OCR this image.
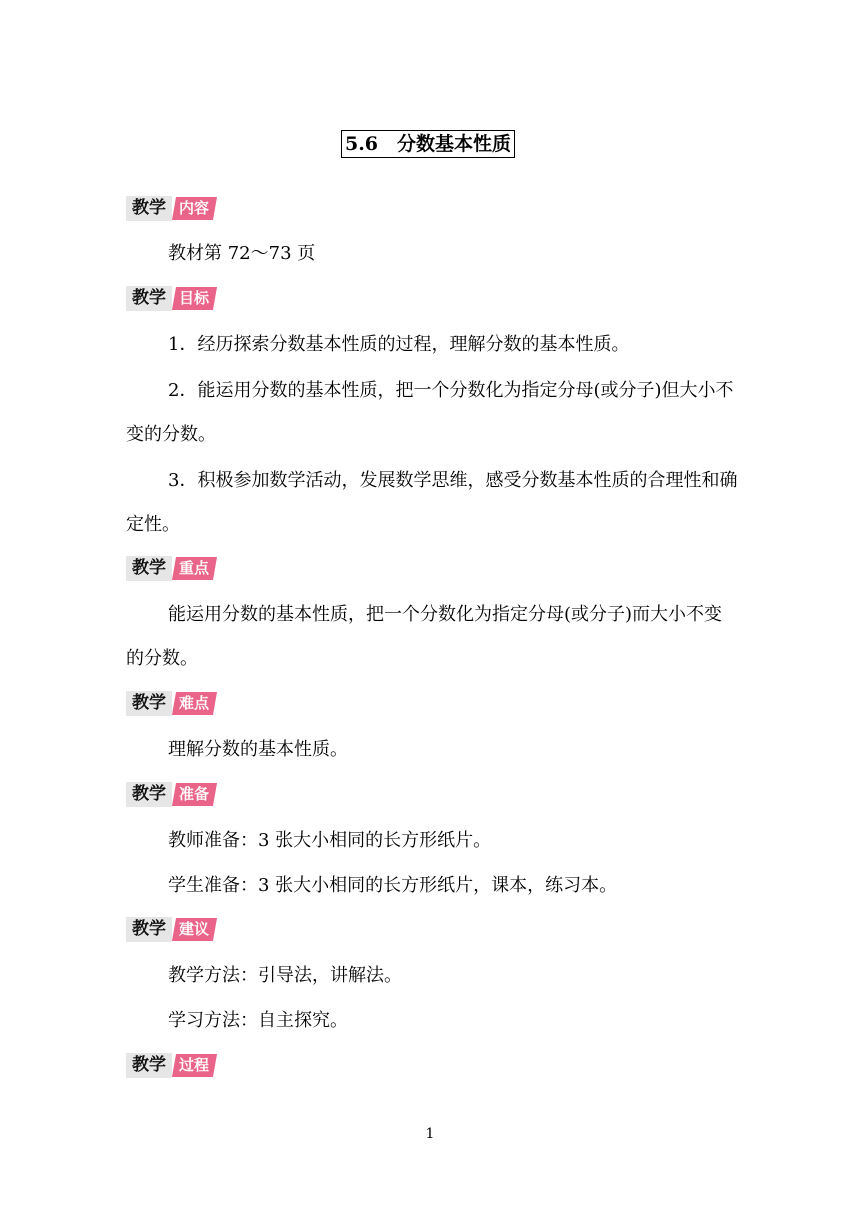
5.6　分数基本性质
教学 内容

教材第 72～73 页

教学 目标

1．经历探索分数基本性质的过程，理解分数的基本性质。

2．能运用分数的基本性质，把一个分数化为指定分母(或分子)但大小不变的分数。

3．积极参加数学活动，发展数学思维，感受分数基本性质的合理性和确定性。

教学 重点

能运用分数的基本性质，把一个分数化为指定分母(或分子)而大小不变的分数。

教学 难点

理解分数的基本性质。

教学 准备

教师准备：3 张大小相同的长方形纸片。

学生准备：3 张大小相同的长方形纸片，课本，练习本。

教学 建议

教学方法：引导法，讲解法。

学习方法：自主探究。

教学 过程
1
